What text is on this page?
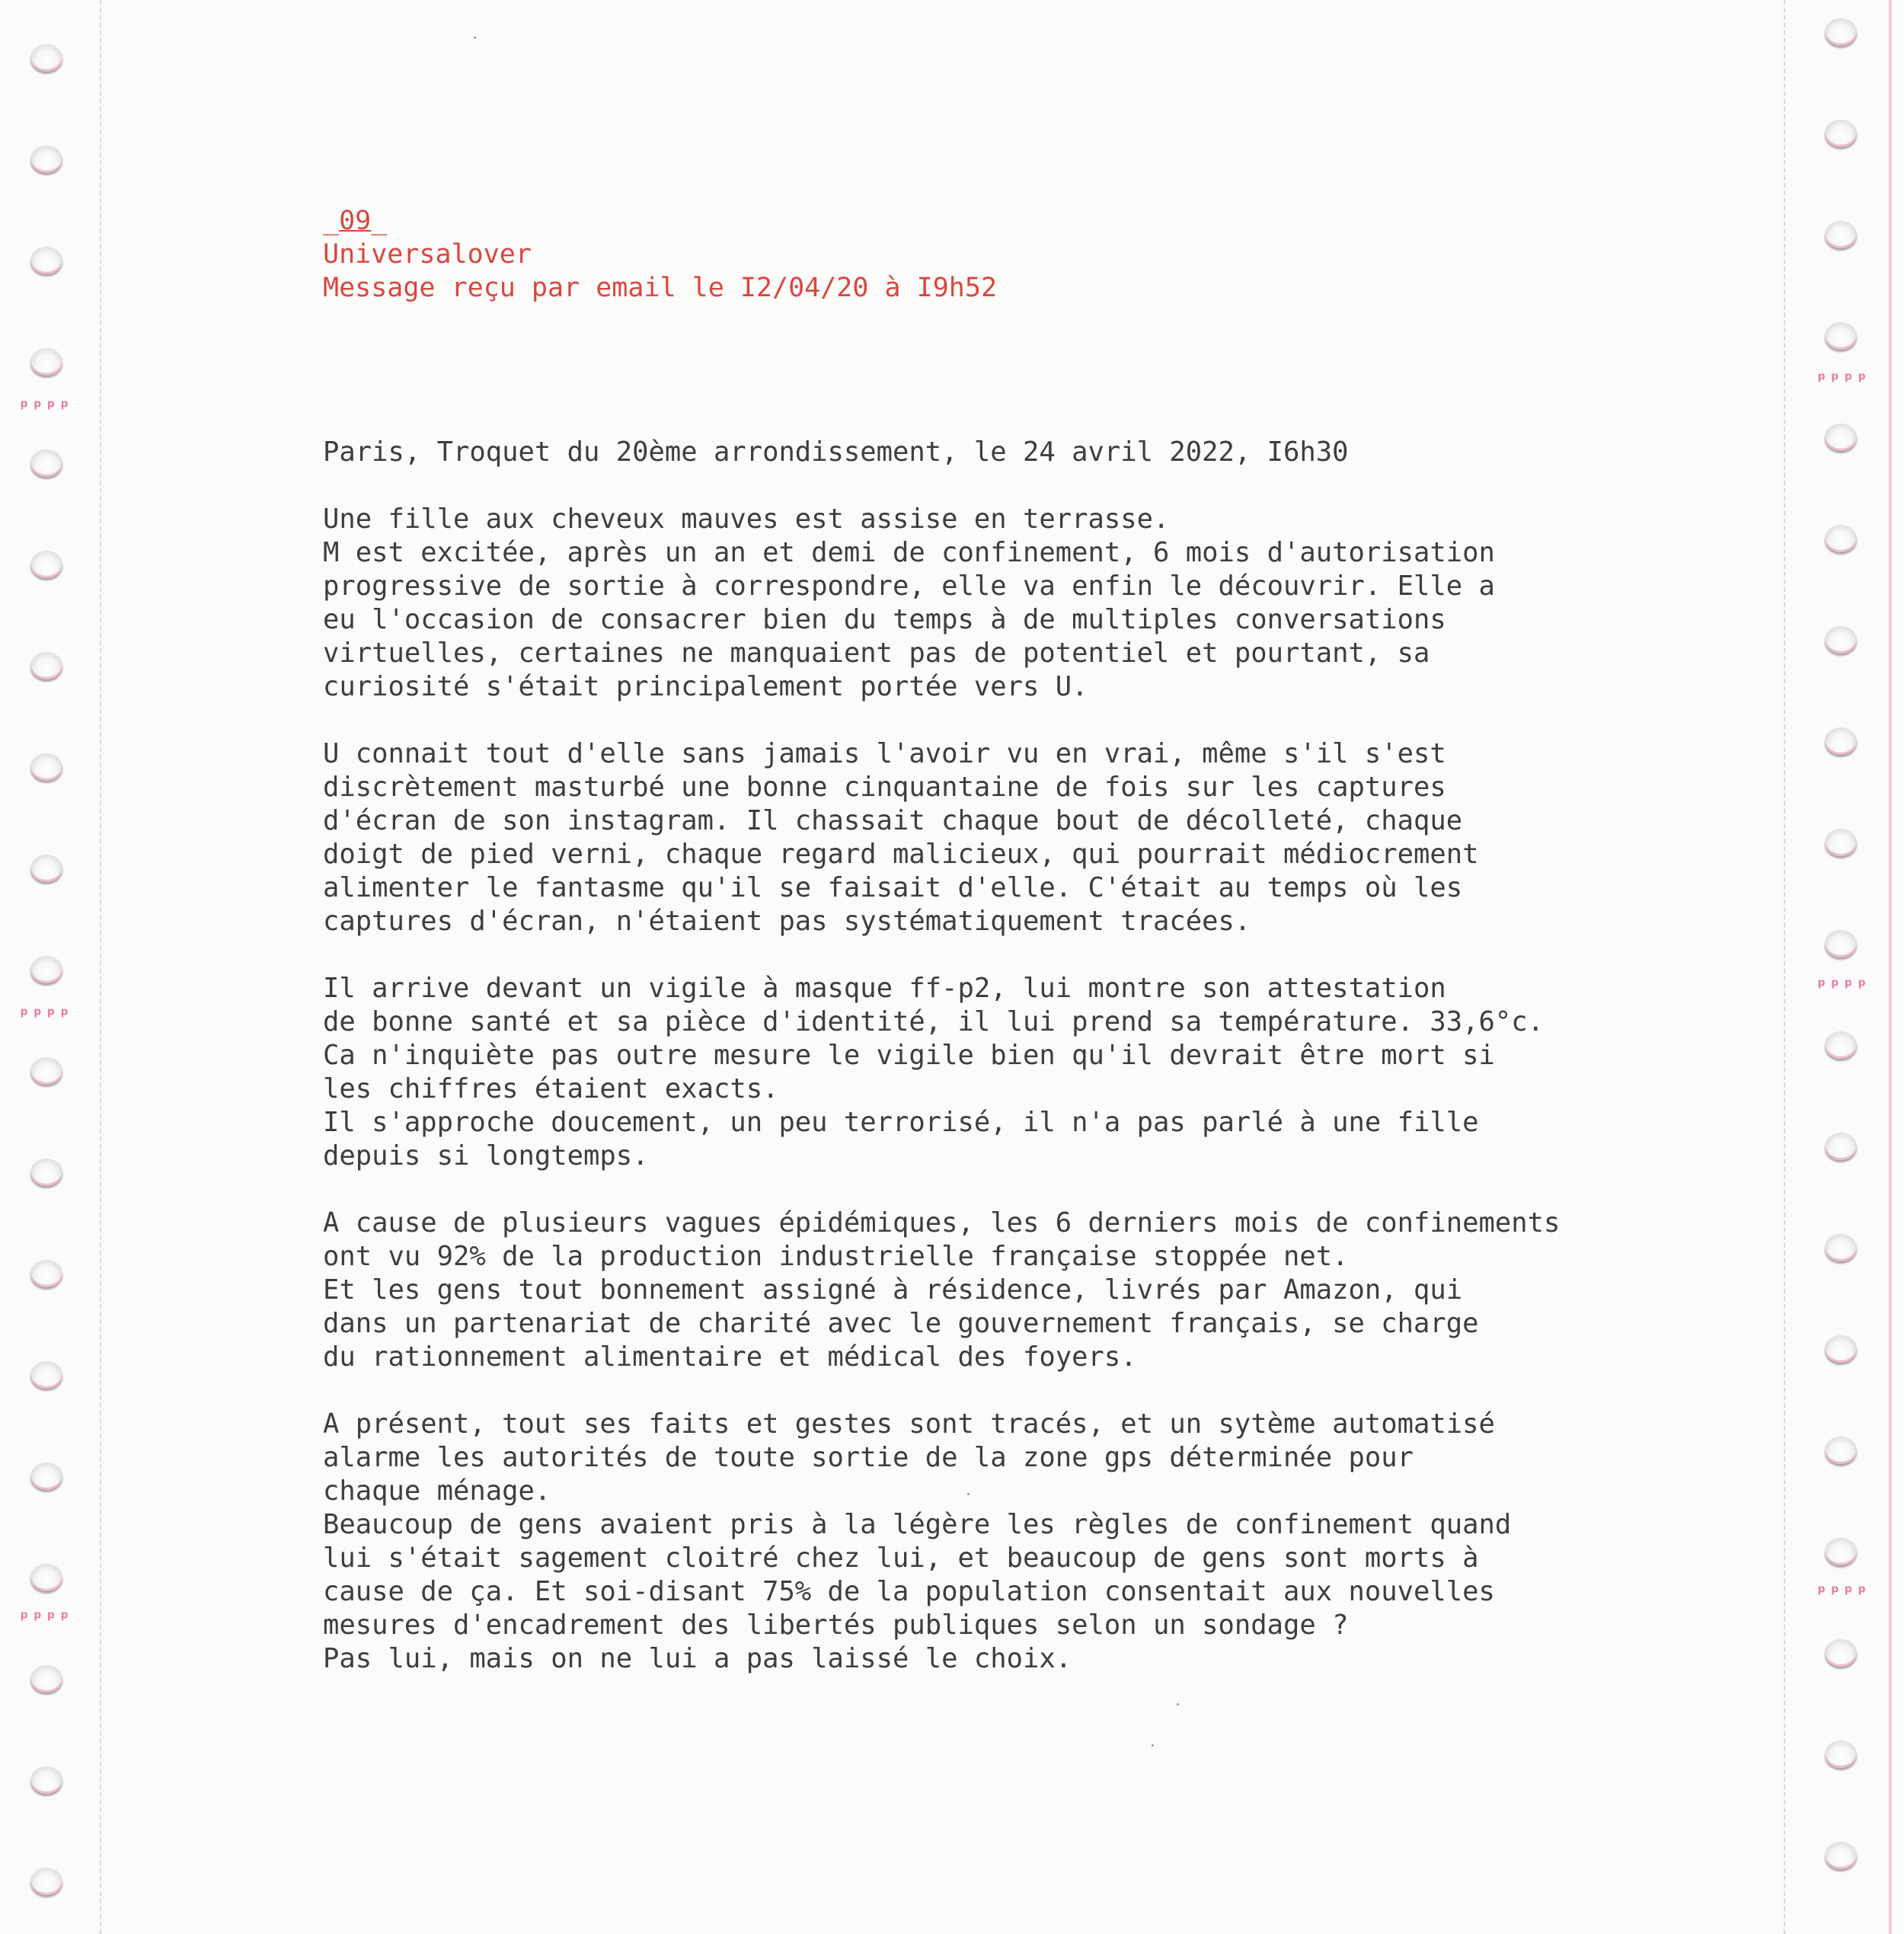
ᵖᵖᵖᵖ
ᵖᵖᵖᵖ
ᵖᵖᵖᵖ
ᵖᵖᵖᵖ
ᵖᵖᵖᵖ
ᵖᵖᵖᵖ
_09_
Universalover
Message reçu par email le I2/04/20 à I9h52

Paris, Troquet du 20ème arrondissement, le 24 avril 2022, I6h30

Une fille aux cheveux mauves est assise en terrasse.
M est excitée, après un an et demi de confinement, 6 mois d'autorisation
progressive de sortie à correspondre, elle va enfin le découvrir. Elle a
eu l'occasion de consacrer bien du temps à de multiples conversations
virtuelles, certaines ne manquaient pas de potentiel et pourtant, sa
curiosité s'était principalement portée vers U.

U connait tout d'elle sans jamais l'avoir vu en vrai, même s'il s'est
discrètement masturbé une bonne cinquantaine de fois sur les captures
d'écran de son instagram. Il chassait chaque bout de décolleté, chaque
doigt de pied verni, chaque regard malicieux, qui pourrait médiocrement
alimenter le fantasme qu'il se faisait d'elle. C'était au temps où les
captures d'écran, n'étaient pas systématiquement tracées.

Il arrive devant un vigile à masque ff-p2, lui montre son attestation
de bonne santé et sa pièce d'identité, il lui prend sa température. 33,6°c.
Ca n'inquiète pas outre mesure le vigile bien qu'il devrait être mort si
les chiffres étaient exacts.
Il s'approche doucement, un peu terrorisé, il n'a pas parlé à une fille
depuis si longtemps.

A cause de plusieurs vagues épidémiques, les 6 derniers mois de confinements
ont vu 92% de la production industrielle française stoppée net.
Et les gens tout bonnement assigné à résidence, livrés par Amazon, qui
dans un partenariat de charité avec le gouvernement français, se charge
du rationnement alimentaire et médical des foyers.

A présent, tout ses faits et gestes sont tracés, et un sytème automatisé
alarme les autorités de toute sortie de la zone gps déterminée pour
chaque ménage.
Beaucoup de gens avaient pris à la légère les règles de confinement quand
lui s'était sagement cloitré chez lui, et beaucoup de gens sont morts à
cause de ça. Et soi-disant 75% de la population consentait aux nouvelles
mesures d'encadrement des libertés publiques selon un sondage ?
Pas lui, mais on ne lui a pas laissé le choix.
